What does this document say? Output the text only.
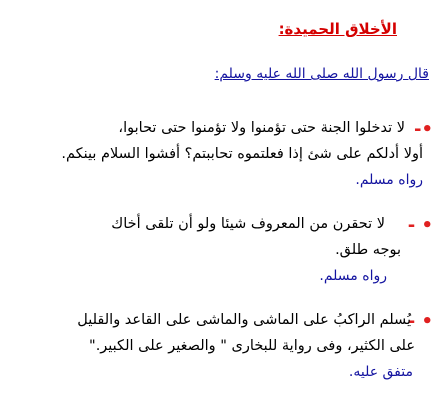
الأخلاق الحميدة:
قال رسول الله صلى الله عليه وسلم:
•-
لا تدخلوا الجنة حتى تؤمنوا ولا تؤمنوا حتى تحابوا،
أولا أدلكم على شئ إذا فعلتموه تحاببتم؟ أفشوا السلام بينكم.
رواه مسلم.
• -
لا تحقرن من المعروف شيئا ولو أن تلقى أخاك
بوجه طلق.
رواه مسلم.
• -
يُسلم الراكبُ على الماشى والماشى على القاعد والقليل
على الكثير، وفى رواية للبخارى " والصغير على الكبير."
متفق عليه.
